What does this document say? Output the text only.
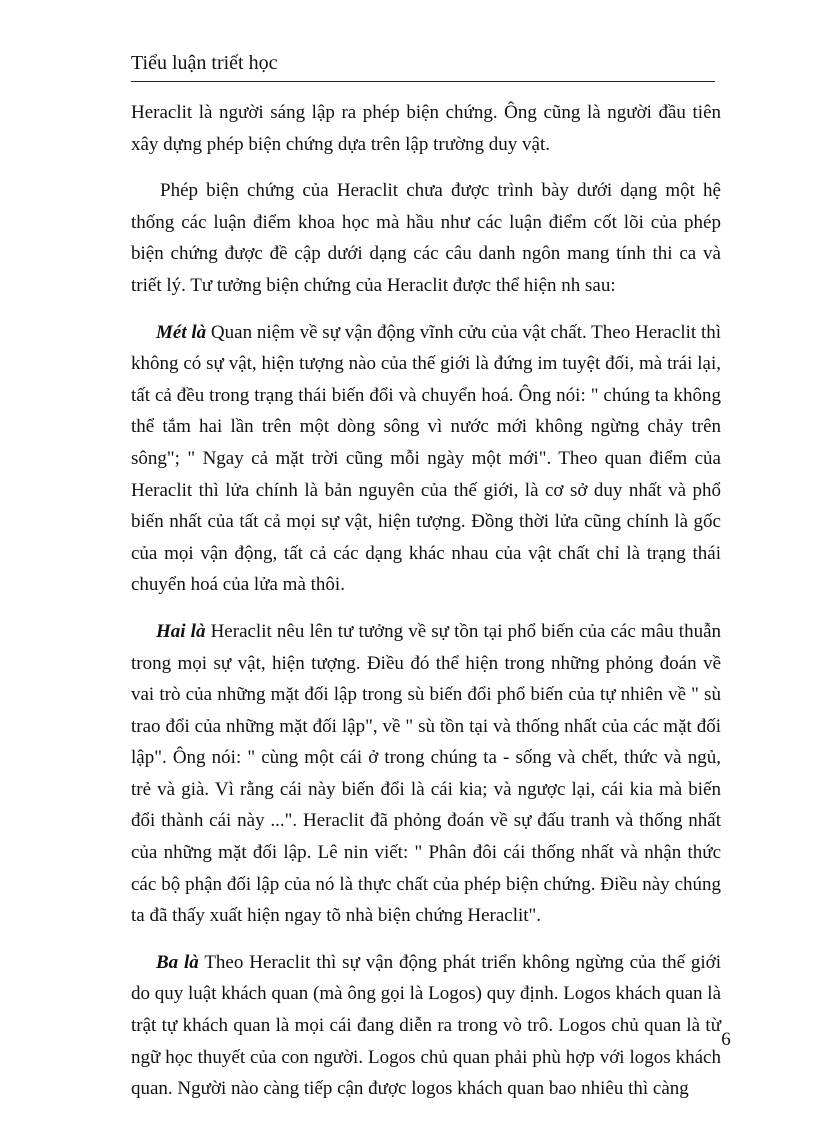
Tiểu luận triết học

Heraclit là người sáng lập ra phép biện chứng. Ông cũng là người đầu tiên xây dựng phép biện chứng dựa trên lập trường duy vật.

Phép biện chứng của Heraclit chưa được trình bày dưới dạng một hệ thống các luận điểm khoa học mà hầu như các luận điểm cốt lõi của phép biện chứng được đề cập dưới dạng các câu danh ngôn mang tính thi ca và triết lý. Tư tưởng biện chứng của Heraclit được thể hiện nh sau:

Mét là Quan niệm về sự vận động vĩnh cửu của vật chất. Theo Heraclit thì không có sự vật, hiện tượng nào của thế giới là đứng im tuyệt đối, mà trái lại, tất cả đều trong trạng thái biến đổi và chuyển hoá. Ông nói: " chúng ta không thể tắm hai lần trên một dòng sông vì nước mới không ngừng chảy trên sông"; " Ngay cả mặt trời cũng mỗi ngày một mới". Theo quan điểm của Heraclit thì lửa chính là bản nguyên của thế giới, là cơ sở duy nhất và phổ biến nhất của tất cả mọi sự vật, hiện tượng. Đồng thời lửa cũng chính là gốc của mọi vận động, tất cả các dạng khác nhau của vật chất chỉ là trạng thái chuyển hoá của lửa mà thôi.

Hai là Heraclit nêu lên tư tưởng về sự tồn tại phổ biến của các mâu thuẫn trong mọi sự vật, hiện tượng. Điều đó thể hiện trong những phỏng đoán về vai trò của những mặt đối lập trong sù biến đổi phổ biến của tự nhiên về " sù trao đổi của những mặt đối lập", về " sù tồn tại và thống nhất của các mặt đối lập". Ông nói: " cùng một cái ở trong chúng ta - sống và chết, thức và ngủ, trẻ và già. Vì rằng cái này biến đổi là cái kia; và ngược lại, cái kia mà biến đổi thành cái này ...". Heraclit đã phỏng đoán về sự đấu tranh và thống nhất của những mặt đối lập. Lê nin viết: " Phân đôi cái thống nhất và nhận thức các bộ phận đối lập của nó là thực chất của phép biện chứng. Điều này chúng ta đã thấy xuất hiện ngay tõ nhà biện chứng Heraclit".

Ba là Theo Heraclit thì sự vận động phát triển không ngừng của thế giới do quy luật khách quan (mà ông gọi là Logos) quy định. Logos khách quan là trật tự khách quan là mọi cái đang diễn ra trong vò trô. Logos chủ quan là từ ngữ học thuyết của con người. Logos chủ quan phải phù hợp với logos khách quan. Người nào càng tiếp cận được logos khách quan bao nhiêu thì càng

6
